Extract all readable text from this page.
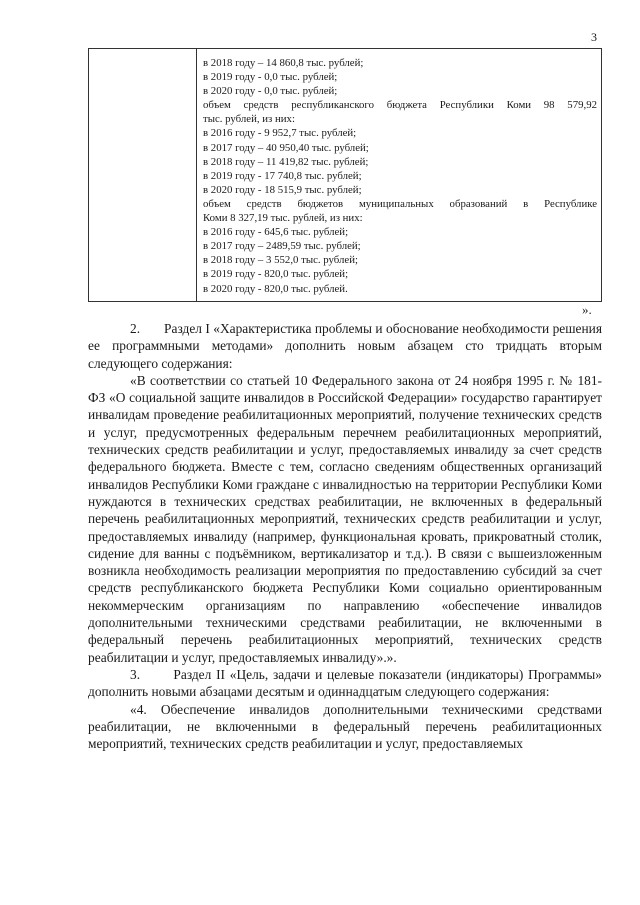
3
в 2018 году – 14 860,8 тыс. рублей;
в 2019 году - 0,0 тыс. рублей;
в 2020 году - 0,0 тыс. рублей;
объем средств республиканского бюджета Республики Коми 98 579,92
тыс. рублей, из них:
в 2016 году - 9 952,7 тыс. рублей;
в 2017 году – 40 950,40 тыс. рублей;
в 2018 году – 11 419,82 тыс. рублей;
в 2019 году - 17 740,8 тыс. рублей;
в 2020 году - 18 515,9 тыс. рублей;
объем средств бюджетов муниципальных образований в Республике
Коми 8 327,19 тыс. рублей, из них:
в 2016 году - 645,6 тыс. рублей;
в 2017 году – 2489,59 тыс. рублей;
в 2018 году – 3 552,0 тыс. рублей;
в 2019 году - 820,0 тыс. рублей;
в 2020 году - 820,0 тыс. рублей.
».

2.       Раздел I «Характеристика проблемы и обоснование необходимости решения ее программными методами» дополнить новым абзацем сто тридцать вторым следующего содержания:

«В соответствии со статьей 10 Федерального закона от 24 ноября 1995 г. № 181-ФЗ «О социальной защите инвалидов в Российской Федерации» государство гарантирует инвалидам проведение реабилитационных мероприятий, получение технических средств и услуг, предусмотренных федеральным перечнем реабилитационных мероприятий, технических средств реабилитации и услуг, предоставляемых инвалиду за счет средств федерального бюджета. Вместе с тем, согласно сведениям общественных организаций инвалидов Республики Коми граждане с инвалидностью на территории Республики Коми нуждаются в технических средствах реабилитации, не включенных в федеральный перечень реабилитационных мероприятий, технических средств реабилитации и услуг, предоставляемых инвалиду (например, функциональная кровать, прикроватный столик, сидение для ванны с подъёмником, вертикализатор и т.д.). В связи с вышеизложенным возникла необходимость реализации мероприятия по предоставлению субсидий за счет средств республиканского бюджета Республики Коми социально ориентированным некоммерческим организациям по направлению «обеспечение инвалидов дополнительными техническими средствами реабилитации, не включенными в федеральный перечень реабилитационных мероприятий, технических средств реабилитации и услуг, предоставляемых инвалиду».».

3.       Раздел II «Цель, задачи и целевые показатели (индикаторы) Программы» дополнить новыми абзацами десятым и одиннадцатым следующего содержания:

«4. Обеспечение инвалидов дополнительными техническими средствами реабилитации, не включенными в федеральный перечень реабилитационных мероприятий, технических средств реабилитации и услуг, предоставляемых
